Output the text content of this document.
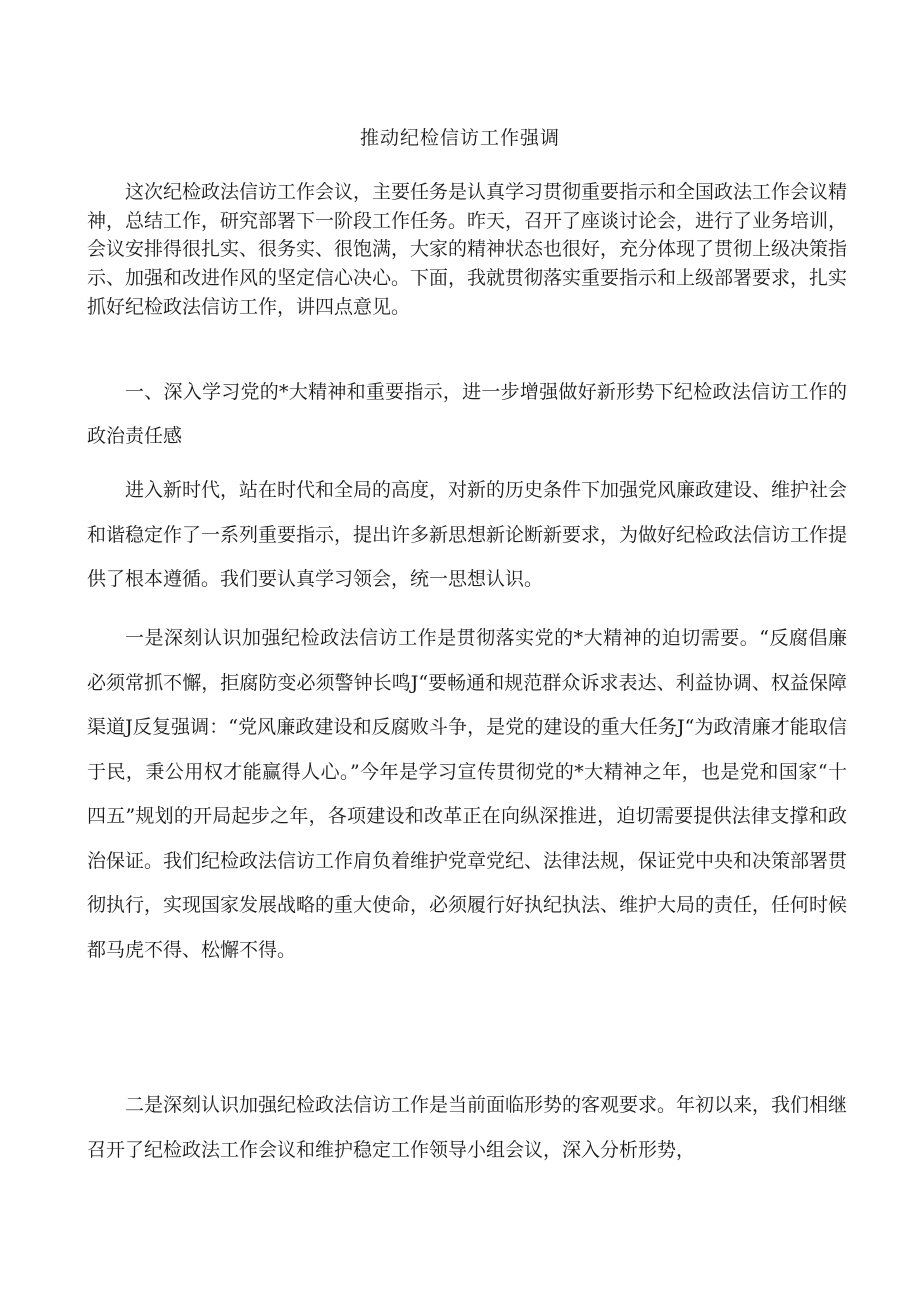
推动纪检信访工作强调

这次纪检政法信访工作会议，主要任务是认真学习贯彻重要指示和全国政法工作会议精神，总结工作，研究部署下一阶段工作任务。昨天，召开了座谈讨论会，进行了业务培训，会议安排得很扎实、很务实、很饱满，大家的精神状态也很好，充分体现了贯彻上级决策指示、加强和改进作风的坚定信心决心。下面，我就贯彻落实重要指示和上级部署要求，扎实抓好纪检政法信访工作，讲四点意见。

一、深入学习党的*大精神和重要指示，进一步增强做好新形势下纪检政法信访工作的政治责任感

进入新时代，站在时代和全局的高度，对新的历史条件下加强党风廉政建设、维护社会和谐稳定作了一系列重要指示，提出许多新思想新论断新要求，为做好纪检政法信访工作提供了根本遵循。我们要认真学习领会，统一思想认识。

一是深刻认识加强纪检政法信访工作是贯彻落实党的*大精神的迫切需要。“反腐倡廉必须常抓不懈，拒腐防变必须警钟长鸣J“要畅通和规范群众诉求表达、利益协调、权益保障渠道J反复强调：“党风廉政建设和反腐败斗争，是党的建设的重大任务J“为政清廉才能取信于民，秉公用权才能赢得人心。”今年是学习宣传贯彻党的*大精神之年，也是党和国家“十四五”规划的开局起步之年，各项建设和改革正在向纵深推进，迫切需要提供法律支撑和政治保证。我们纪检政法信访工作肩负着维护党章党纪、法律法规，保证党中央和决策部署贯彻执行，实现国家发展战略的重大使命，必须履行好执纪执法、维护大局的责任，任何时候都马虎不得、松懈不得。

二是深刻认识加强纪检政法信访工作是当前面临形势的客观要求。年初以来，我们相继召开了纪检政法工作会议和维护稳定工作领导小组会议，深入分析形势，
